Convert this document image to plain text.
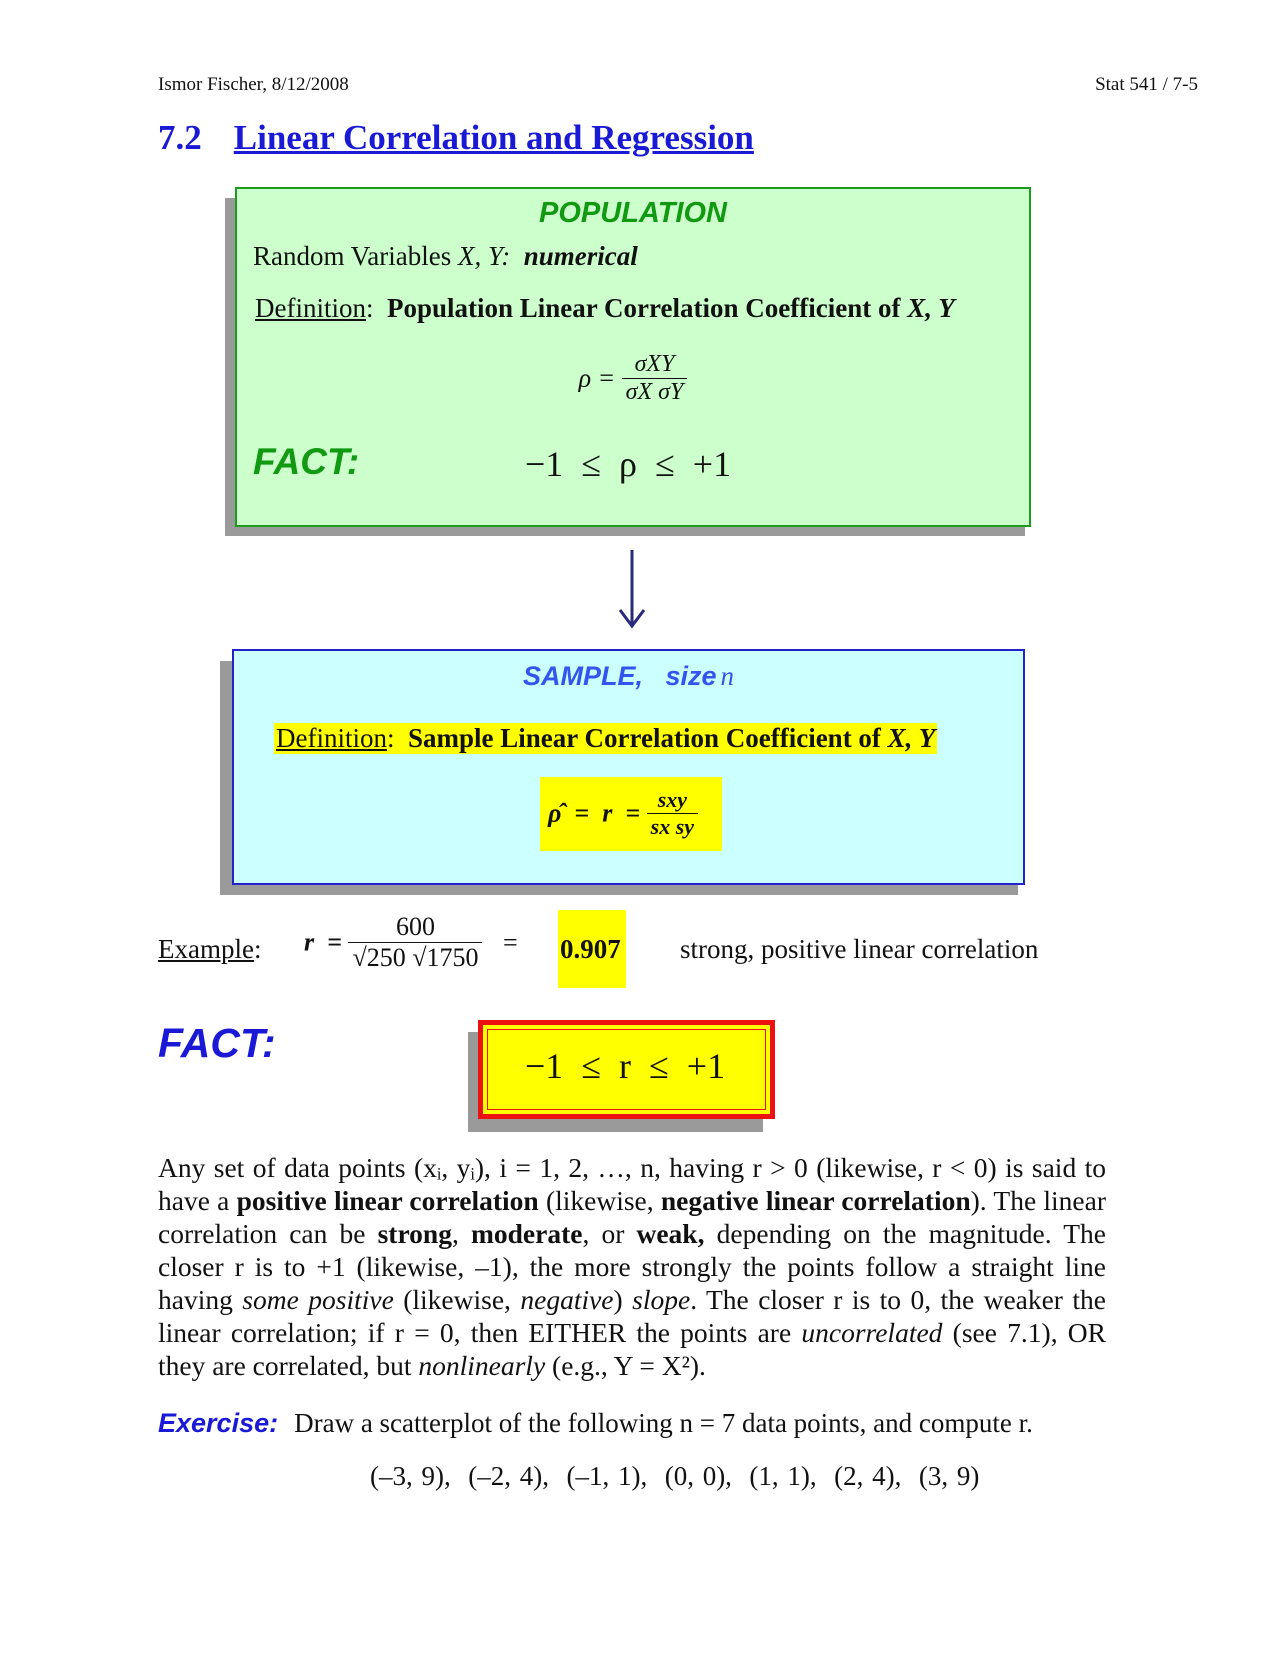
Ismor Fischer, 8/12/2008	Stat 541 / 7-5
7.2 Linear Correlation and Regression
POPULATION
Random Variables X, Y: numerical
Definition:  Population Linear Correlation Coefficient of X, Y
$\rho = \frac{\text{σXY}}{\text{σX σY}}$
FACT:	−1  ≤  ρ  ≤  +1
SAMPLE,   size n
Definition:  Sample Linear Correlation Coefficient of X, Y
ρ̂  =  $r = \frac{\text{sxy}}{\text{sx sy}}$
Example: $r = \frac{600}{√250 √1750} = 0.907$ strong, positive linear correlation
FACT:	−1  ≤  r  ≤  +1
Any set of data points (xᵢ, yᵢ), i = 1, 2, …, n, having r > 0 (likewise, r < 0) is said to have a positive linear correlation (likewise, negative linear correlation). The linear correlation can be strong, moderate, or weak, depending on the magnitude. The closer r is to +1 (likewise, –1), the more strongly the points follow a straight line having some positive (likewise, negative) slope. The closer r is to 0, the weaker the linear correlation; if r = 0, then EITHER the points are uncorrelated (see 7.1), OR they are correlated, but nonlinearly (e.g., Y = X²).
Exercise: Draw a scatterplot of the following n = 7 data points, and compute r.
(–3, 9),  (–2, 4),  (–1, 1),  (0, 0),  (1, 1),  (2, 4),  (3, 9)
